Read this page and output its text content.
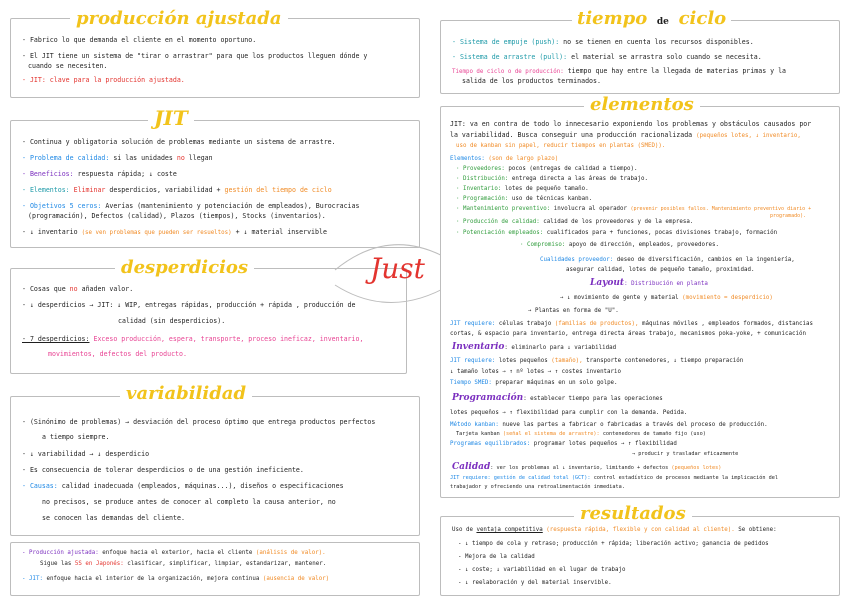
producción ajustada
- Fabrico lo que demanda el cliente en el momento oportuno.
- El JIT tiene un sistema de "tirar o arrastrar" para que los productos lleguen dónde y
cuando se necesiten.
- JIT: clave para la producción ajustada.
JIT
- Continua y obligatoria solución de problemas mediante un sistema de arrastre.
- Problema de calidad: si las unidades no llegan
- Beneficios: respuesta rápida; ↓ coste
- Elementos: Eliminar desperdicios, variabilidad + gestión del tiempo de ciclo
- Objetivos 5 ceros: Averías (mantenimiento y potenciación de empleados), Burocracias
(programación), Defectos (calidad), Plazos (tiempos), Stocks (inventarios).
- ↓ inventario (se ven problemas que pueden ser resueltos) + ↓ material inservible
desperdicios
- Cosas que no añaden valor.
- ↓ desperdicios → JIT: ↓ WIP, entregas rápidas, producción + rápida , producción de
calidad (sin desperdicios).
- 7 desperdicios: Exceso producción, espera, transporte, proceso ineficaz, inventario,
movimientos, defectos del producto.
variabilidad
- (Sinónimo de problemas) → desviación del proceso óptimo que entrega productos perfectos
a tiempo siempre.
- ↓ variabilidad → ↓ desperdicio
- Es consecuencia de tolerar desperdicios o de una gestión ineficiente.
- Causas: calidad inadecuada (empleados, máquinas...), diseños o especificaciones
no precisos, se produce antes de conocer al completo la causa anterior, no
se conocen las demandas del cliente.
- Producción ajustada: enfoque hacia el exterior, hacia el cliente (análisis de valor).
Sigue las 5S en Japonés: clasificar, simplificar, limpiar, estandarizar, mantener.
- JIT: enfoque hacia el interior de la organización, mejora continua (ausencia de valor)
Just
tiempo de ciclo
- Sistema de empuje (push): no se tienen en cuenta los recursos disponibles.
- Sistema de arrastre (pull): el material se arrastra solo cuando se necesita.
Tiempo de ciclo o de producción: tiempo que hay entre la llegada de materias primas y la
salida de los productos terminados.
elementos
JIT: va en contra de todo lo innecesario exponiendo los problemas y obstáculos causados por
la variabilidad. Busca conseguir una producción racionalizada (pequeños lotes, ↓ inventario,
uso de kanban sin papel, reducir tiempos en plantas (SMED)).
Elementos: (son de largo plazo)
· Proveedores: pocos (entregas de calidad a tiempo).
· Distribución: entrega directa a las áreas de trabajo.
· Inventario: lotes de pequeño tamaño.
· Programación: uso de técnicas kanban.
· Mantenimiento preventivo: involucra al operador (prevenir posibles fallos. Mantenimiento preventivo diario +
programado).
· Producción de calidad: calidad de los proveedores y de la empresa.
· Potenciación empleados: cualificados para + funciones, pocas divisiones trabajo, formación
· Compromiso: apoyo de dirección, empleados, proveedores.
Cualidades proveedor: deseo de diversificación, cambios en la ingeniería,
asegurar calidad, lotes de pequeño tamaño, proximidad.
Layout: Distribución en planta
→ ↓ movimiento de gente y material (movimiento = desperdicio)
→ Plantas en forma de "U".
JIT requiere: células trabajo (familias de productos), máquinas móviles , empleados formados, distancias
cortas, & espacio para inventario, entrega directa áreas trabajo, mecanismos poka-yoke, + comunicación
Inventario: eliminarlo para ↓ variabilidad
JIT requiere: lotes pequeños (tamaño), transporte contenedores, ↓ tiempo preparación
↓ tamaño lotes → ↑ nº lotes → ↑ costes inventario
Tiempo SMED: preparar máquinas en un solo golpe.
Programación: establecer tiempo para las operaciones
lotes pequeños → ↑ flexibilidad para cumplir con la demanda. Pedida.
Método kanban: nueve las partes a fabricar o fabricadas a través del proceso de producción.
Tarjeta kanban (señal el sistema de arrastre): contenedores de tamaño fijo (uso)
Programas equilibrados: programar lotes pequeños → ↑ flexibilidad
→ producir y trasladar eficazmente
Calidad: ver los problemas al ↓ inventario, limitando + defectos (pequeños lotes)
JIT requiere: gestión de calidad total (GCT): control estadístico de procesos mediante la implicación del
trabajador y ofreciendo una retroalimentación inmediata.
resultados
Uso de ventaja competitiva (respuesta rápida, flexible y con calidad al cliente). Se obtiene:
- ↓ tiempo de cola y retraso; producción + rápida; liberación activo; ganancia de pedidos
- Mejora de la calidad
- ↓ coste; ↓ variabilidad en el lugar de trabajo
- ↓ reelaboración y del material inservible.
